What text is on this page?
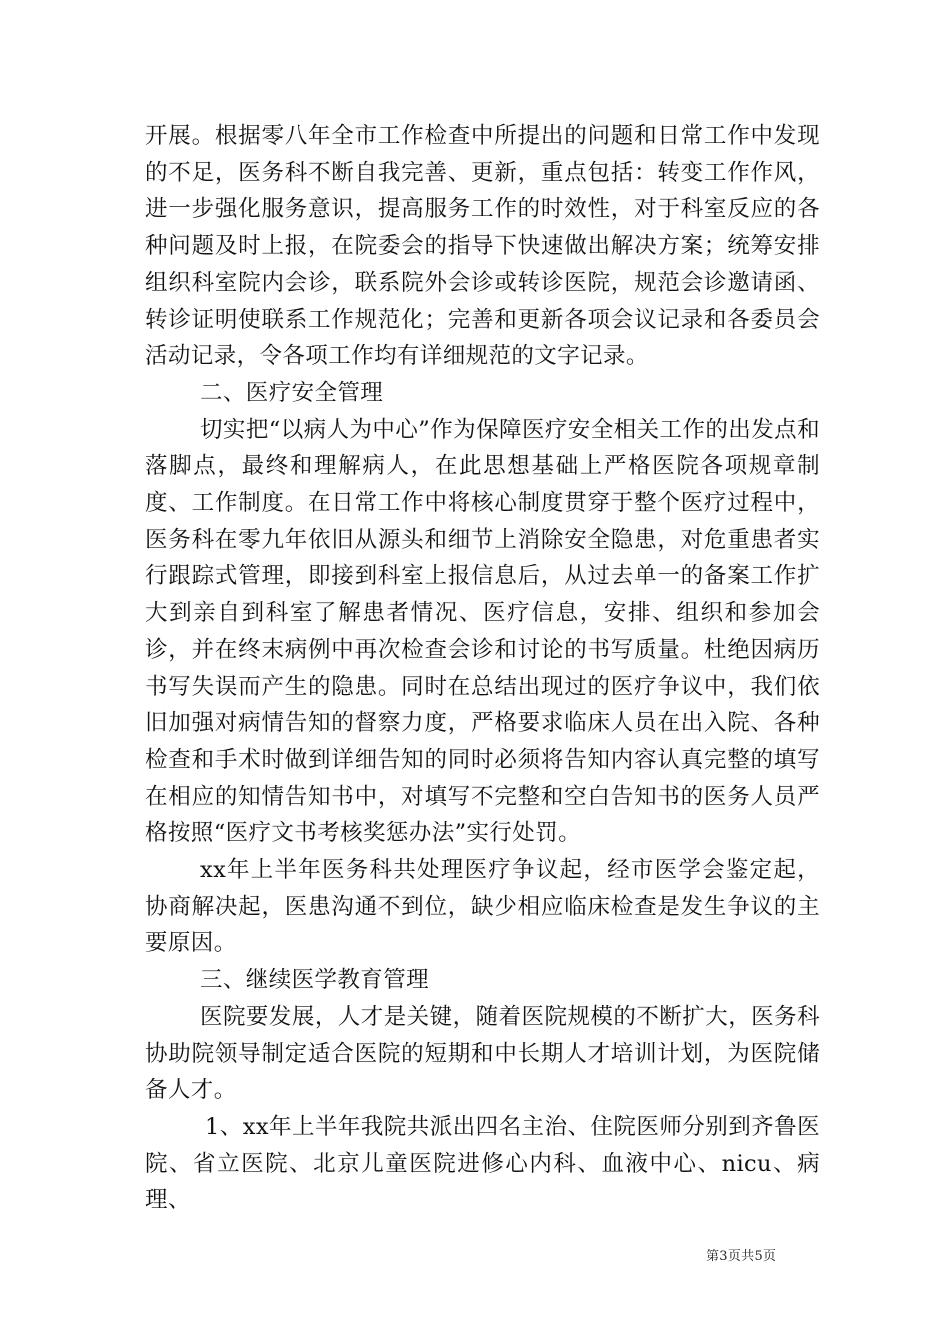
开展。根据零八年全市工作检查中所提出的问题和日常工作中发现的不足，医务科不断自我完善、更新，重点包括：转变工作作风，进一步强化服务意识，提高服务工作的时效性，对于科室反应的各种问题及时上报，在院委会的指导下快速做出解决方案；统筹安排组织科室院内会诊，联系院外会诊或转诊医院，规范会诊邀请函、转诊证明使联系工作规范化；完善和更新各项会议记录和各委员会活动记录，令各项工作均有详细规范的文字记录。

二、医疗安全管理

切实把“以病人为中心”作为保障医疗安全相关工作的出发点和落脚点，最终和理解病人，在此思想基础上严格医院各项规章制度、工作制度。在日常工作中将核心制度贯穿于整个医疗过程中，医务科在零九年依旧从源头和细节上消除安全隐患，对危重患者实行跟踪式管理，即接到科室上报信息后，从过去单一的备案工作扩大到亲自到科室了解患者情况、医疗信息，安排、组织和参加会诊，并在终末病例中再次检查会诊和讨论的书写质量。杜绝因病历书写失误而产生的隐患。同时在总结出现过的医疗争议中，我们依旧加强对病情告知的督察力度，严格要求临床人员在出入院、各种检查和手术时做到详细告知的同时必须将告知内容认真完整的填写在相应的知情告知书中，对填写不完整和空白告知书的医务人员严格按照“医疗文书考核奖惩办法”实行处罚。

xx年上半年医务科共处理医疗争议起，经市医学会鉴定起，协商解决起，医患沟通不到位，缺少相应临床检查是发生争议的主要原因。

三、继续医学教育管理

医院要发展，人才是关键，随着医院规模的不断扩大，医务科协助院领导制定适合医院的短期和中长期人才培训计划，为医院储备人才。

1、xx年上半年我院共派出四名主治、住院医师分别到齐鲁医院、省立医院、北京儿童医院进修心内科、血液中心、nicu、病理、

第3页共5页
